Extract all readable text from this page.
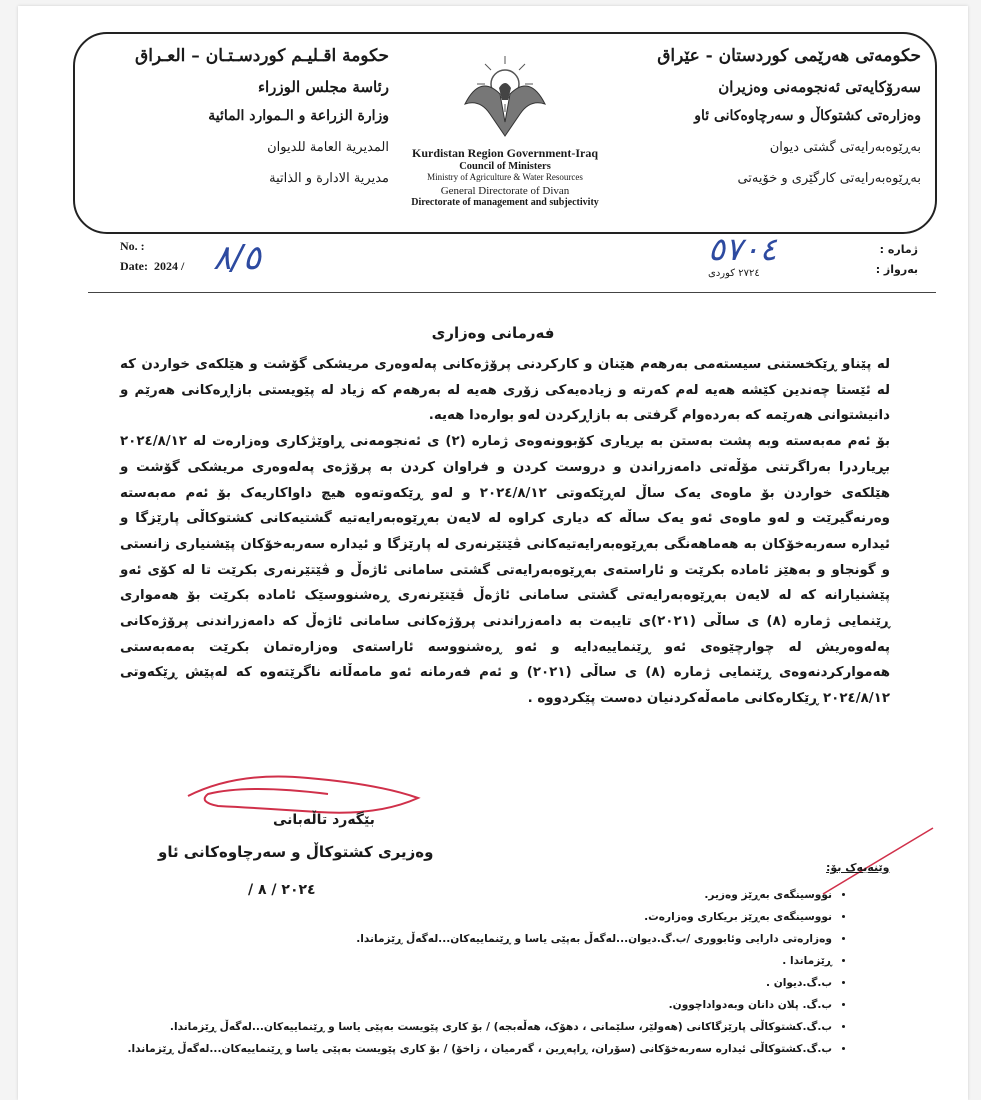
حكومة اقـليـم كوردسـتـان – العـراق
رئاسة مجلس الوزراء
وزارة الزراعة و الـموارد المائية
المديرية العامة للديوان
مديرية الادارة و الذاتية
Kurdistan Region Government-Iraq
Council of Ministers
Ministry of Agriculture & Water Resources
General Directorate of Divan
Directorate of management and subjectivity
حكومەتى هەرێمى كوردستان - عێراق
سەرۆكايەتى ئەنجومەنى وەزيران
وەزارەتى كشتوكاڵ و سەرچاوەكانى ئاو
بەڕێوەبەرايەتى گشتى ديوان
بەڕێوەبەرايەتى كارگێرى و خۆيەتى
No. :
Date: 2024 / ٨/٥	٥٧٠٤
٢٧٢٤ كوردى
ژمارە :
بەرواز :
فەرمانى وەزارى

لە پێناو ڕێکخستنی سیستەمی بەرهەم هێنان و کارکردنی پرۆژەکانی پەلەوەری مریشکی گۆشت و هێلکەی خواردن کە لە ئێستا چەندین کێشە هەیە لەم کەرتە و زیادەیەکی زۆری هەیە لە بەرهەم کە زیاد لە پێویستی بازاڕەکانی هەرێم و دانیشتوانی هەرێمە کە بەردەوام گرفتی بە بازاڕکردن لەو بوارەدا هەیە.

بۆ ئەم مەبەستە وبە پشت بەستن بە بڕیاری کۆبوونەوەی ژمارە (٢) ی ئەنجومەنی ڕاوێژکاری وەزارەت لە ٢٠٢٤/٨/١٢ بڕیاردرا بەراگرتنی مۆڵەتی دامەزراندن و دروست کردن و فراوان کردن بە پرۆژەی پەلەوەری مریشکی گۆشت و هێلکەی خواردن بۆ ماوەی یەک ساڵ لەڕێکەوتی ٢٠٢٤/٨/١٢ و لەو ڕێکەوتەوە هیچ داواکاریەک بۆ ئەم مەبەستە وەرنەگیرێت و لەو ماوەی ئەو یەک ساڵە کە دیاری کراوە لە لایەن بەڕێوەبەرایەتیە گشتیەکانی کشتوکاڵی پارێزگا و ئیدارە سەربەخۆکان بە هەماهەنگی بەڕێوەبەرایەتیەکانی ڤێتێرنەری لە پارێزگا و ئیدارە سەربەخۆکان پێشنیاری زانستی و گونجاو و بەهێز ئامادە بکرێت و ئاراستەی بەڕێوەبەرایەتی گشتی سامانی ئاژەڵ و ڤێتێرنەری بکرێت تا لە کۆی ئەو پێشنیارانە کە لە لایەن بەڕێوەبەرایەتی گشتی سامانی ئاژەڵ ڤێتێرنەری ڕەشنووسێک ئامادە بکرێت بۆ هەمواری ڕێنمایی ژمارە (٨) ی ساڵی (٢٠٢١)ی تایبەت بە دامەزراندنی پرۆژەکانی سامانی ئاژەڵ کە دامەزراندنی پرۆژەکانی پەلەوەریش لە چوارچێوەی ئەو ڕێنماییەدایە و ئەو ڕەشنووسە ئاراستەی وەزارەتمان بکرێت بەمەبەستی هەموارکردنەوەی ڕێنمایی ژمارە (٨) ی ساڵی (٢٠٢١) و ئەم فەرمانە ئەو مامەڵانە ناگرێتەوە کە لەپێش ڕێکەوتی ٢٠٢٤/٨/١٢ ڕێکارەکانی مامەڵەکردنیان دەست پێکردووە .

بێگەرد تاڵەبانی
وەزیری کشتوکاڵ و سەرچاوەکانی ئاو
٢٠٢٤ / ٨ /
وێنەیەک بۆ:
• نووسینگەی بەڕێز وەزیر.
• نووسینگەی بەڕێز بریکاری وەزارەت.
• وەزارەتی دارایی وئابووری /ب.گ.دیوان...لەگەڵ بەپێی یاسا و ڕێنماییەکان...لەگەڵ ڕێزماندا.
• ڕێزماندا .
• ب.گ.دیوان .
• ب.گ. پلان دانان وبەدواداچوون.
• ب.گ.کشتوکاڵی پارێزگاکانی (هەولێر، سلێمانی ، دهۆک، هەڵەبجە) / بۆ کاری پێویست بەپێی یاسا و ڕێنماییەکان...لەگەڵ ڕێزماندا.
• ب.گ.کشتوکاڵی ئیدارە سەربەخۆکانی (سۆران، ڕاپەڕین ، گەرمیان ، زاخۆ) / بۆ کاری پێویست بەپێی یاسا و ڕێنماییەکان...لەگەڵ ڕێزماندا.
